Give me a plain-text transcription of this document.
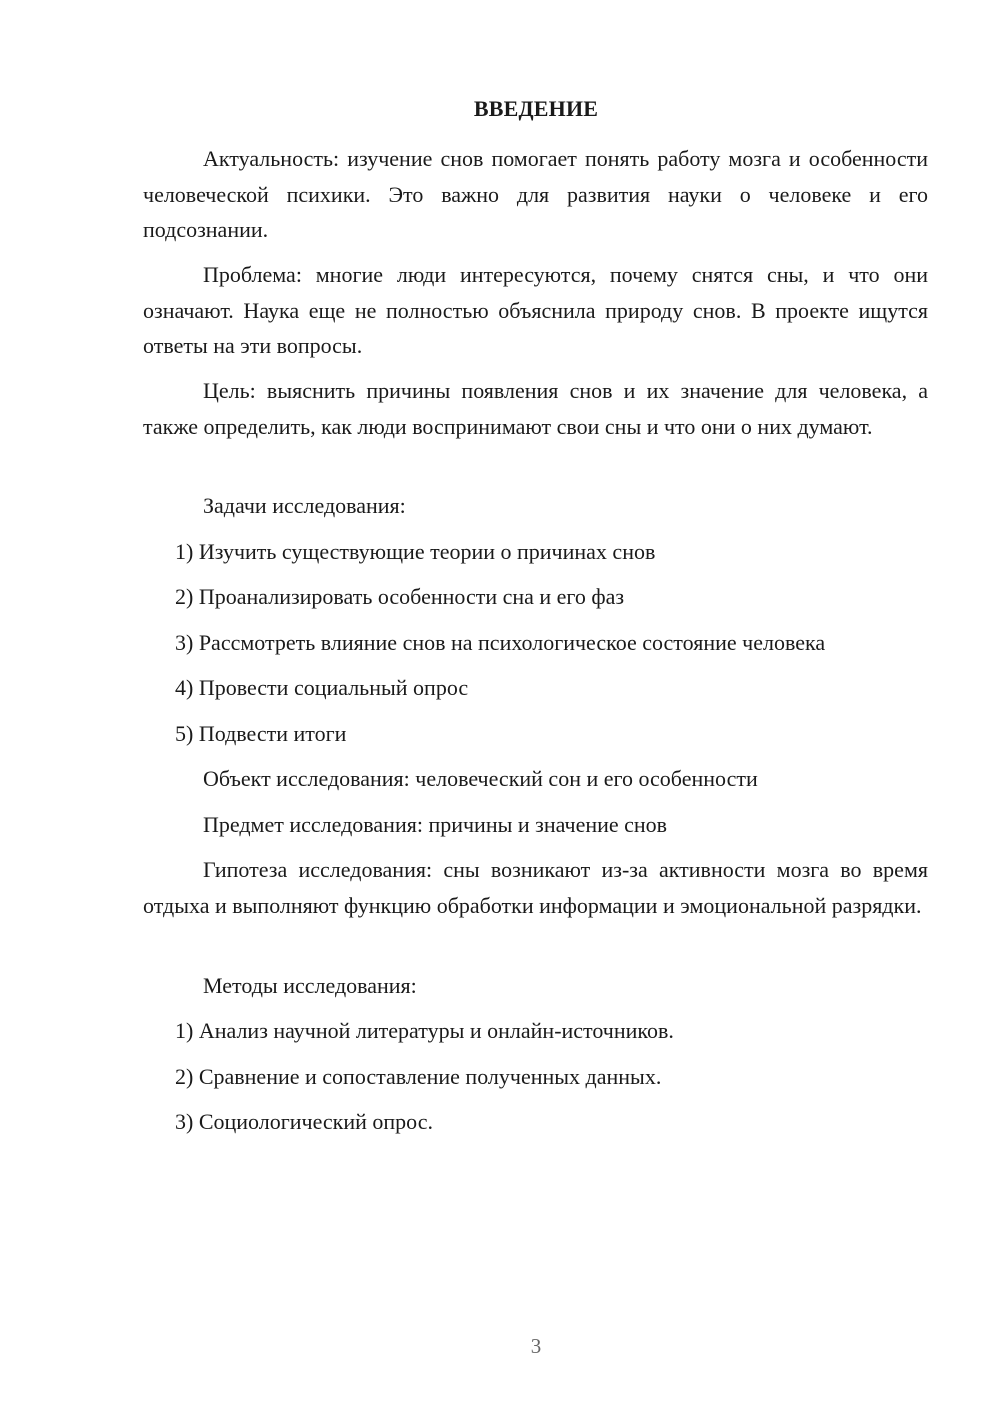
ВВЕДЕНИЕ

Актуальность: изучение снов помогает понять работу мозга и особенности человеческой психики. Это важно для развития науки о человеке и его подсознании.

Проблема: многие люди интересуются, почему снятся сны, и что они означают. Наука еще не полностью объяснила природу снов. В проекте ищутся ответы на эти вопросы.

Цель: выяснить причины появления снов и их значение для человека, а также определить, как люди воспринимают свои сны и что они о них думают.

Задачи исследования:

1) Изучить существующие теории о причинах снов

2) Проанализировать особенности сна и его фаз

3) Рассмотреть влияние снов на психологическое состояние человека

4) Провести социальный опрос

5) Подвести итоги

Объект исследования: человеческий сон и его особенности

Предмет исследования: причины и значение снов

Гипотеза исследования: сны возникают из-за активности мозга во время отдыха и выполняют функцию обработки информации и эмоциональной разрядки.

Методы исследования:

1) Анализ научной литературы и онлайн-источников.

2) Сравнение и сопоставление полученных данных.

3) Социологический опрос.

3
